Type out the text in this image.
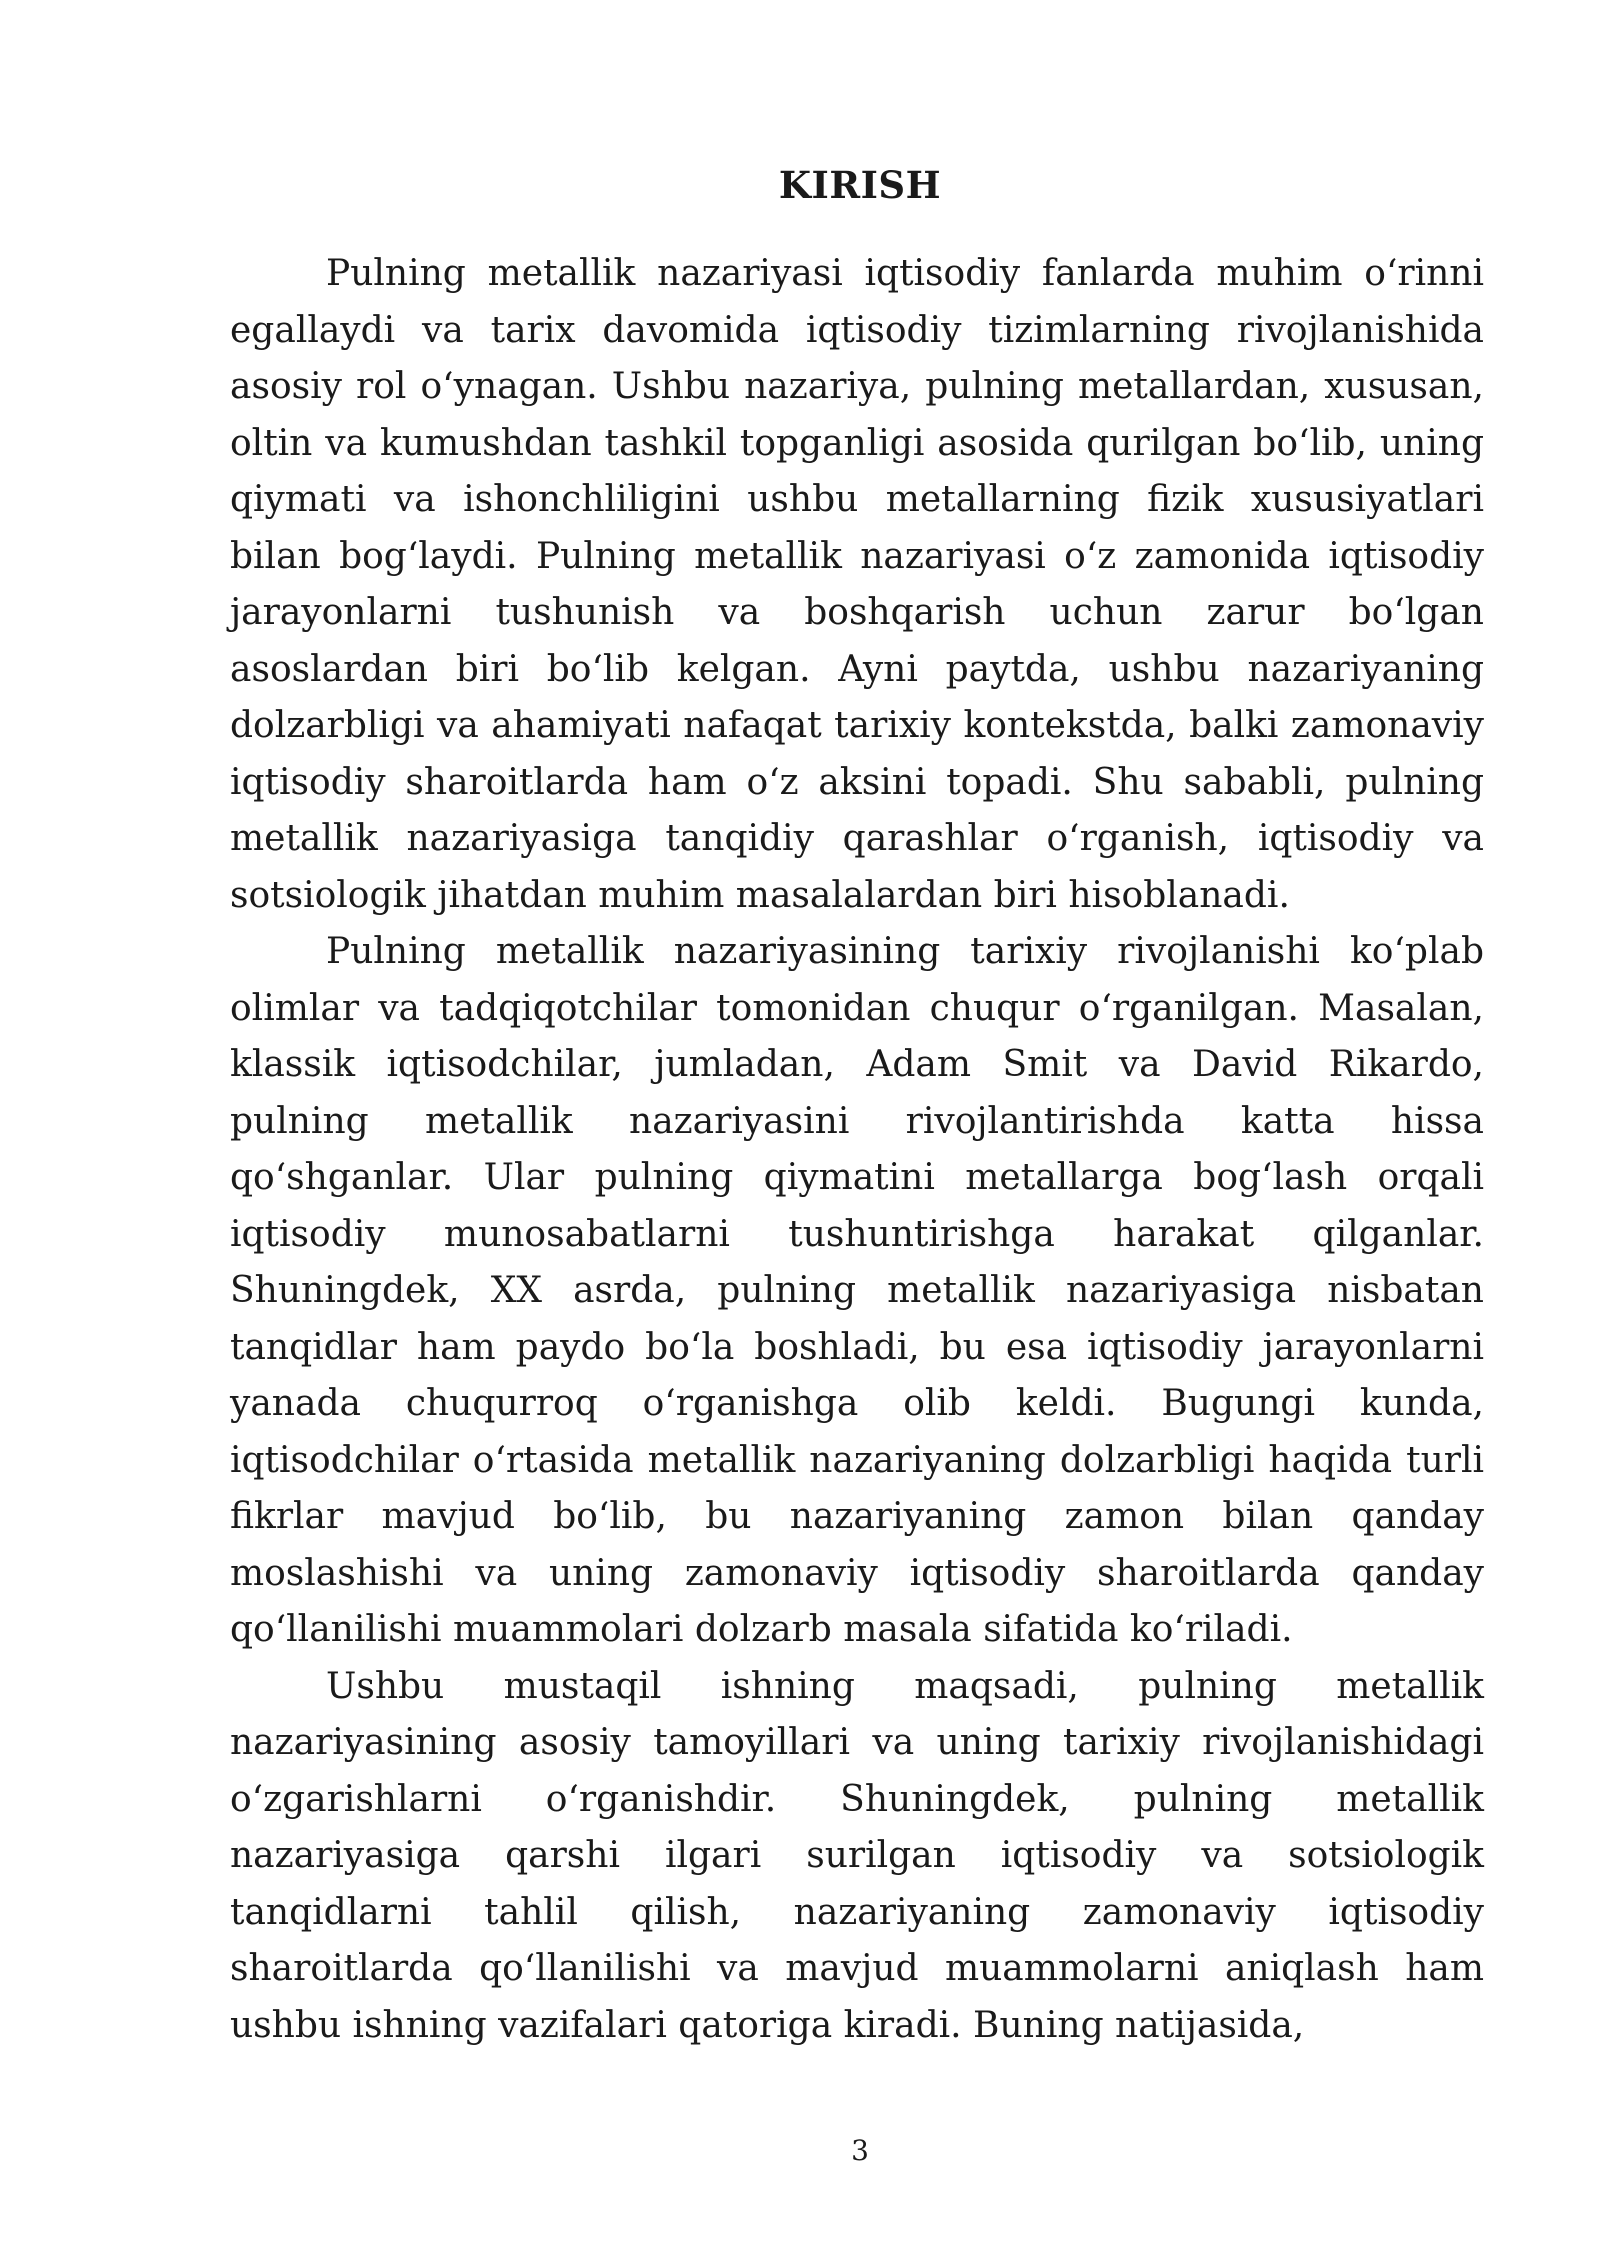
KIRISH

Pulning metallik nazariyasi iqtisodiy fanlarda muhim oʻrinni egallaydi va tarix davomida iqtisodiy tizimlarning rivojlanishida asosiy rol oʻynagan. Ushbu nazariya, pulning metallardan, xususan, oltin va kumushdan tashkil topganligi asosida qurilgan boʻlib, uning qiymati va ishonchliligini ushbu metallarning fizik xususiyatlari bilan bogʻlaydi. Pulning metallik nazariyasi oʻz zamonida iqtisodiy jarayonlarni tushunish va boshqarish uchun zarur boʻlgan asoslardan biri boʻlib kelgan. Ayni paytda, ushbu nazariyaning dolzarbligi va ahamiyati nafaqat tarixiy kontekstda, balki zamonaviy iqtisodiy sharoitlarda ham oʻz aksini topadi. Shu sababli, pulning metallik nazariyasiga tanqidiy qarashlar oʻrganish, iqtisodiy va sotsiologik jihatdan muhim masalalardan biri hisoblanadi.

Pulning metallik nazariyasining tarixiy rivojlanishi koʻplab olimlar va tadqiqotchilar tomonidan chuqur oʻrganilgan. Masalan, klassik iqtisodchilar, jumladan, Adam Smit va David Rikardo, pulning metallik nazariyasini rivojlantirishda katta hissa qoʻshganlar. Ular pulning qiymatini metallarga bogʻlash orqali iqtisodiy munosabatlarni tushuntirishga harakat qilganlar. Shuningdek, XX asrda, pulning metallik nazariyasiga nisbatan tanqidlar ham paydo boʻla boshladi, bu esa iqtisodiy jarayonlarni yanada chuqurroq oʻrganishga olib keldi. Bugungi kunda, iqtisodchilar oʻrtasida metallik nazariyaning dolzarbligi haqida turli fikrlar mavjud boʻlib, bu nazariyaning zamon bilan qanday moslashishi va uning zamonaviy iqtisodiy sharoitlarda qanday qoʻllanilishi muammolari dolzarb masala sifatida koʻriladi.

Ushbu mustaqil ishning maqsadi, pulning metallik nazariyasining asosiy tamoyillari va uning tarixiy rivojlanishidagi oʻzgarishlarni oʻrganishdir. Shuningdek, pulning metallik nazariyasiga qarshi ilgari surilgan iqtisodiy va sotsiologik tanqidlarni tahlil qilish, nazariyaning zamonaviy iqtisodiy sharoitlarda qoʻllanilishi va mavjud muammolarni aniqlash ham ushbu ishning vazifalari qatoriga kiradi. Buning natijasida,

3
